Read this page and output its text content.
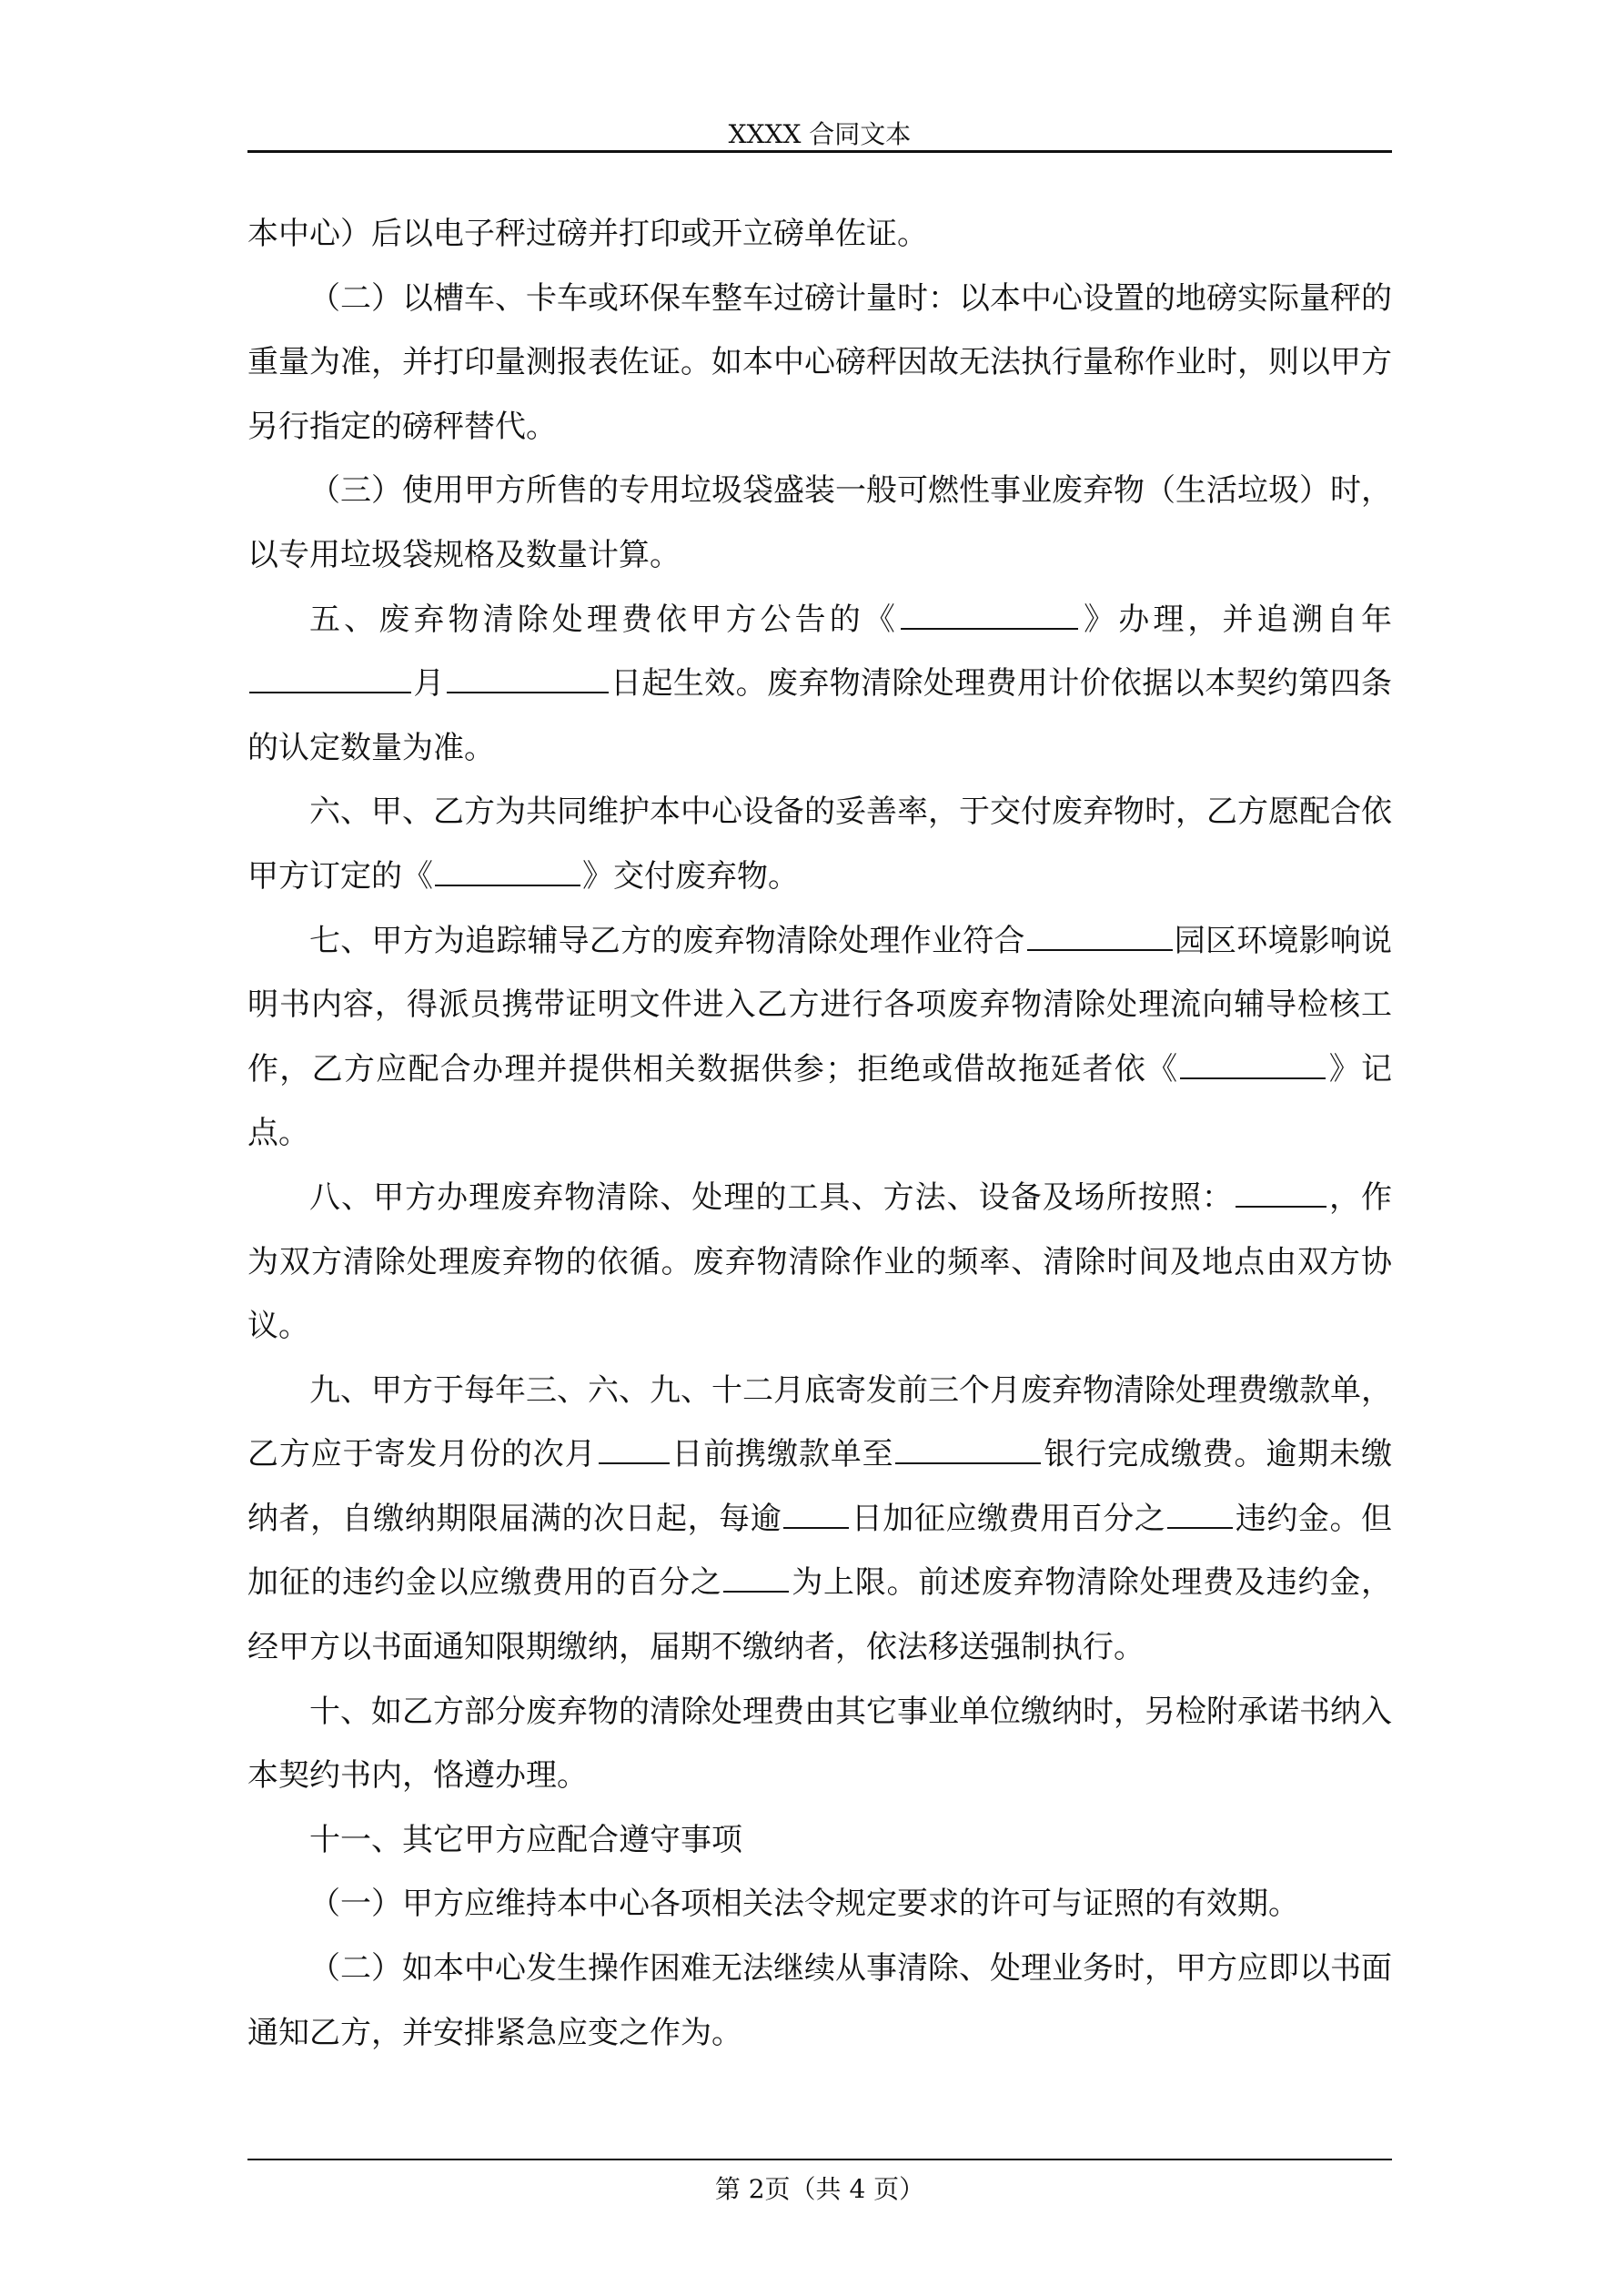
XXXX 合同文本

本中心）后以电子秤过磅并打印或开立磅单佐证。

（二）以槽车、卡车或环保车整车过磅计量时：以本中心设置的地磅实际量秤的重量为准，并打印量测报表佐证。如本中心磅秤因故无法执行量称作业时，则以甲方另行指定的磅秤替代。

（三）使用甲方所售的专用垃圾袋盛装一般可燃性事业废弃物（生活垃圾）时，以专用垃圾袋规格及数量计算。

五、废弃物清除处理费依甲方公告的《	》办理，并追溯自年月	日起生效。废弃物清除处理费用计价依据以本契约第四条的认定数量为准。

六、甲、乙方为共同维护本中心设备的妥善率，于交付废弃物时，乙方愿配合依甲方订定的《	》交付废弃物。

七、甲方为追踪辅导乙方的废弃物清除处理作业符合	园区环境影响说明书内容，得派员携带证明文件进入乙方进行各项废弃物清除处理流向辅导检核工作，乙方应配合办理并提供相关数据供参；拒绝或借故拖延者依《	》记点。

八、甲方办理废弃物清除、处理的工具、方法、设备及场所按照：	，作为双方清除处理废弃物的依循。废弃物清除作业的频率、清除时间及地点由双方协议。

九、甲方于每年三、六、九、十二月底寄发前三个月废弃物清除处理费缴款单，乙方应于寄发月份的次月 日前携缴款单至	银行完成缴费。逾期未缴纳者，自缴纳期限届满的次日起，每逾 日加征应缴费用百分之 违约金。但加征的违约金以应缴费用的百分之 为上限。前述废弃物清除处理费及违约金，经甲方以书面通知限期缴纳，届期不缴纳者，依法移送强制执行。

十、如乙方部分废弃物的清除处理费由其它事业单位缴纳时，另检附承诺书纳入本契约书内，恪遵办理。

十一、其它甲方应配合遵守事项

（一）甲方应维持本中心各项相关法令规定要求的许可与证照的有效期。

（二）如本中心发生操作困难无法继续从事清除、处理业务时，甲方应即以书面通知乙方，并安排紧急应变之作为。

第 2页（共 4 页）
